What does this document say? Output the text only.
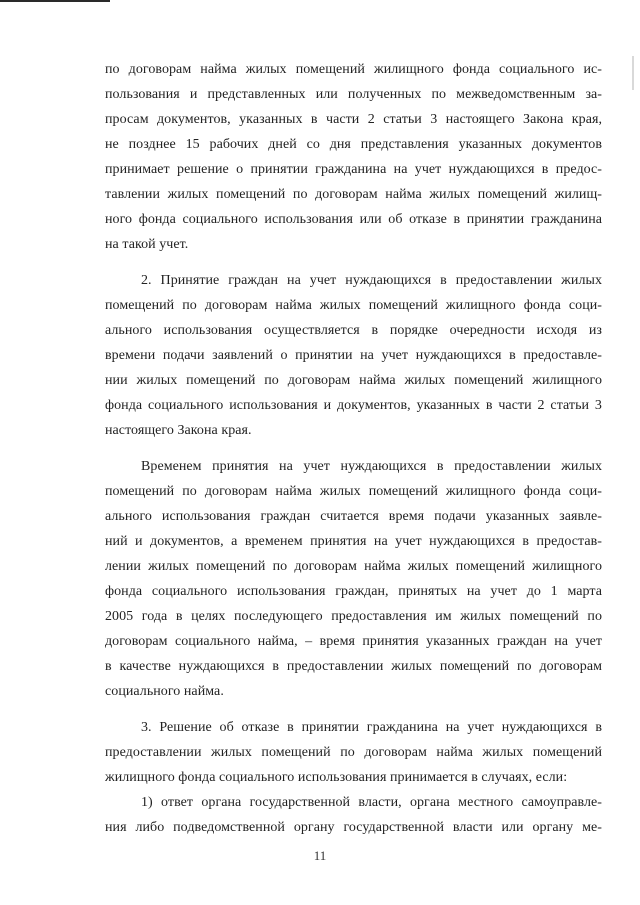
по договорам найма жилых помещений жилищного фонда социального ис-
пользования и представленных или полученных по межведомственным за-
просам документов, указанных в части 2 статьи 3 настоящего Закона края,
не позднее 15 рабочих дней со дня представления указанных документов
принимает решение о принятии гражданина на учет нуждающихся в предос-
тавлении жилых помещений по договорам найма жилых помещений жилищ-
ного фонда социального использования или об отказе в принятии гражданина
на такой учет.
2. Принятие граждан на учет нуждающихся в предоставлении жилых
помещений по договорам найма жилых помещений жилищного фонда соци-
ального использования осуществляется в порядке очередности исходя из
времени подачи заявлений о принятии на учет нуждающихся в предоставле-
нии жилых помещений по договорам найма жилых помещений жилищного
фонда социального использования и документов, указанных в части 2 статьи 3
настоящего Закона края.
Временем принятия на учет нуждающихся в предоставлении жилых
помещений по договорам найма жилых помещений жилищного фонда соци-
ального использования граждан считается время подачи указанных заявле-
ний и документов, а временем принятия на учет нуждающихся в предостав-
лении жилых помещений по договорам найма жилых помещений жилищного
фонда социального использования граждан, принятых на учет до 1 марта
2005 года в целях последующего предоставления им жилых помещений по
договорам социального найма, – время принятия указанных граждан на учет
в качестве нуждающихся в предоставлении жилых помещений по договорам
социального найма.
3. Решение об отказе в принятии гражданина на учет нуждающихся в
предоставлении жилых помещений по договорам найма жилых помещений
жилищного фонда социального использования принимается в случаях, если:
1) ответ органа государственной власти, органа местного самоуправле-
ния либо подведомственной органу государственной власти или органу ме-
11
